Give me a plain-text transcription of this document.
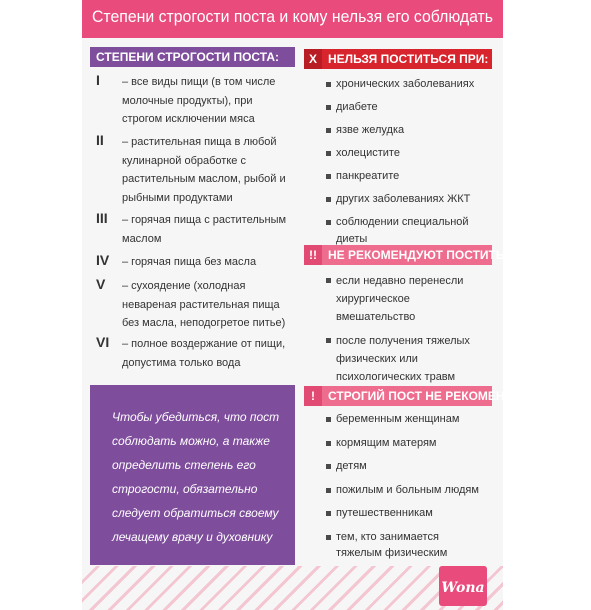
Степени строгости поста и кому нельзя его соблюдать
СТЕПЕНИ СТРОГОСТИ ПОСТА:
I – все виды пищи (в том числе молочные продукты), при строгом исключении мяса
II – растительная пища в любой кулинарной обработке с растительным маслом, рыбой и рыбными продуктами
III – горячая пища с растительным маслом
IV – горячая пища без масла
V – сухоядение (холодная невареная растительная пища без масла, неподогретое питье)
VI – полное воздержание от пищи, допустима только вода
Чтобы убедиться, что пост соблюдать можно, а также определить степень его строгости, обязательно следует обратиться своему лечащему врачу и духовнику
X НЕЛЬЗЯ ПОСТИТЬСЯ ПРИ:
хронических заболеваниях
диабете
язве желудка
холецистите
панкреатите
других заболеваниях ЖКТ
соблюдении специальной диеты
!! НЕ РЕКОМЕНДУЮТ ПОСТИТЬСЯ:
если недавно перенесли хирургическое вмешательство
после получения тяжелых физических или психологических травм
! СТРОГИЙ ПОСТ НЕ РЕКОМЕНДУЮТ:
беременным женщинам
кормящим матерям
детям
пожилым и больным людям
путешественникам
тем, кто занимается тяжелым физическим
Wona
